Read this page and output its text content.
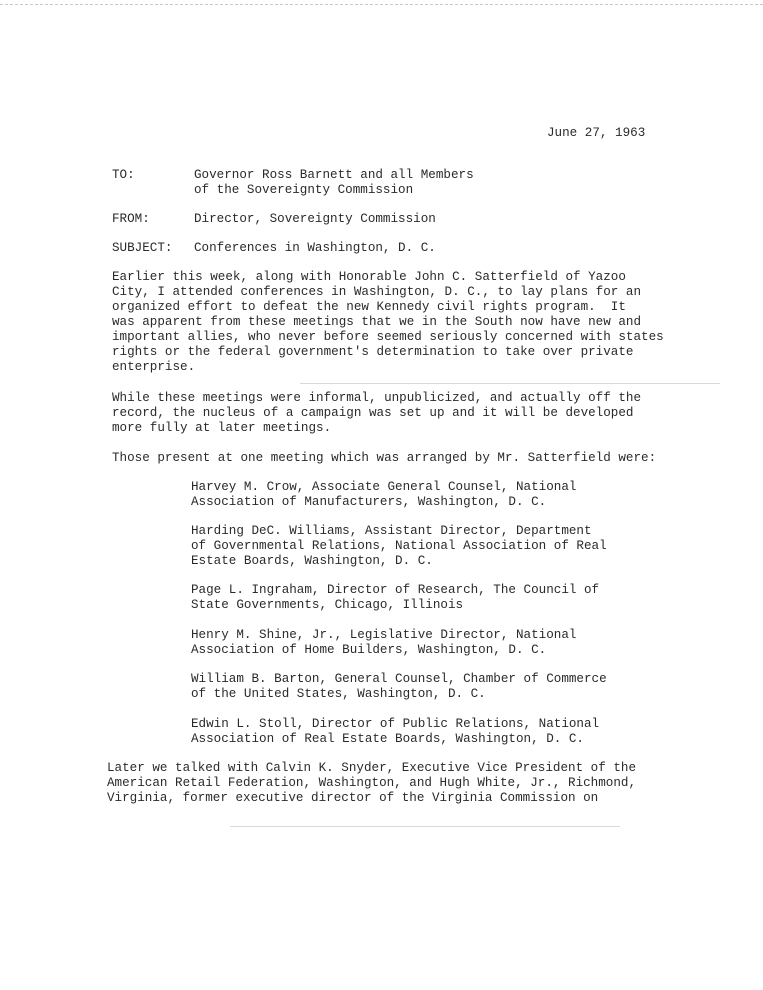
June 27, 1963
TO:	Governor Ross Barnett and all Members
of the Sovereignty Commission
FROM:	Director, Sovereignty Commission
SUBJECT: Conferences in Washington, D. C.
Earlier this week, along with Honorable John C. Satterfield of Yazoo
City, I attended conferences in Washington, D. C., to lay plans for an
organized effort to defeat the new Kennedy civil rights program.  It
was apparent from these meetings that we in the South now have new and
important allies, who never before seemed seriously concerned with states
rights or the federal government's determination to take over private
enterprise.
While these meetings were informal, unpublicized, and actually off the
record, the nucleus of a campaign was set up and it will be developed
more fully at later meetings.
Those present at one meeting which was arranged by Mr. Satterfield were:
Harvey M. Crow, Associate General Counsel, National
Association of Manufacturers, Washington, D. C.
Harding DeC. Williams, Assistant Director, Department
of Governmental Relations, National Association of Real
Estate Boards, Washington, D. C.
Page L. Ingraham, Director of Research, The Council of
State Governments, Chicago, Illinois
Henry M. Shine, Jr., Legislative Director, National
Association of Home Builders, Washington, D. C.
William B. Barton, General Counsel, Chamber of Commerce
of the United States, Washington, D. C.
Edwin L. Stoll, Director of Public Relations, National
Association of Real Estate Boards, Washington, D. C.
Later we talked with Calvin K. Snyder, Executive Vice President of the
American Retail Federation, Washington, and Hugh White, Jr., Richmond,
Virginia, former executive director of the Virginia Commission on
